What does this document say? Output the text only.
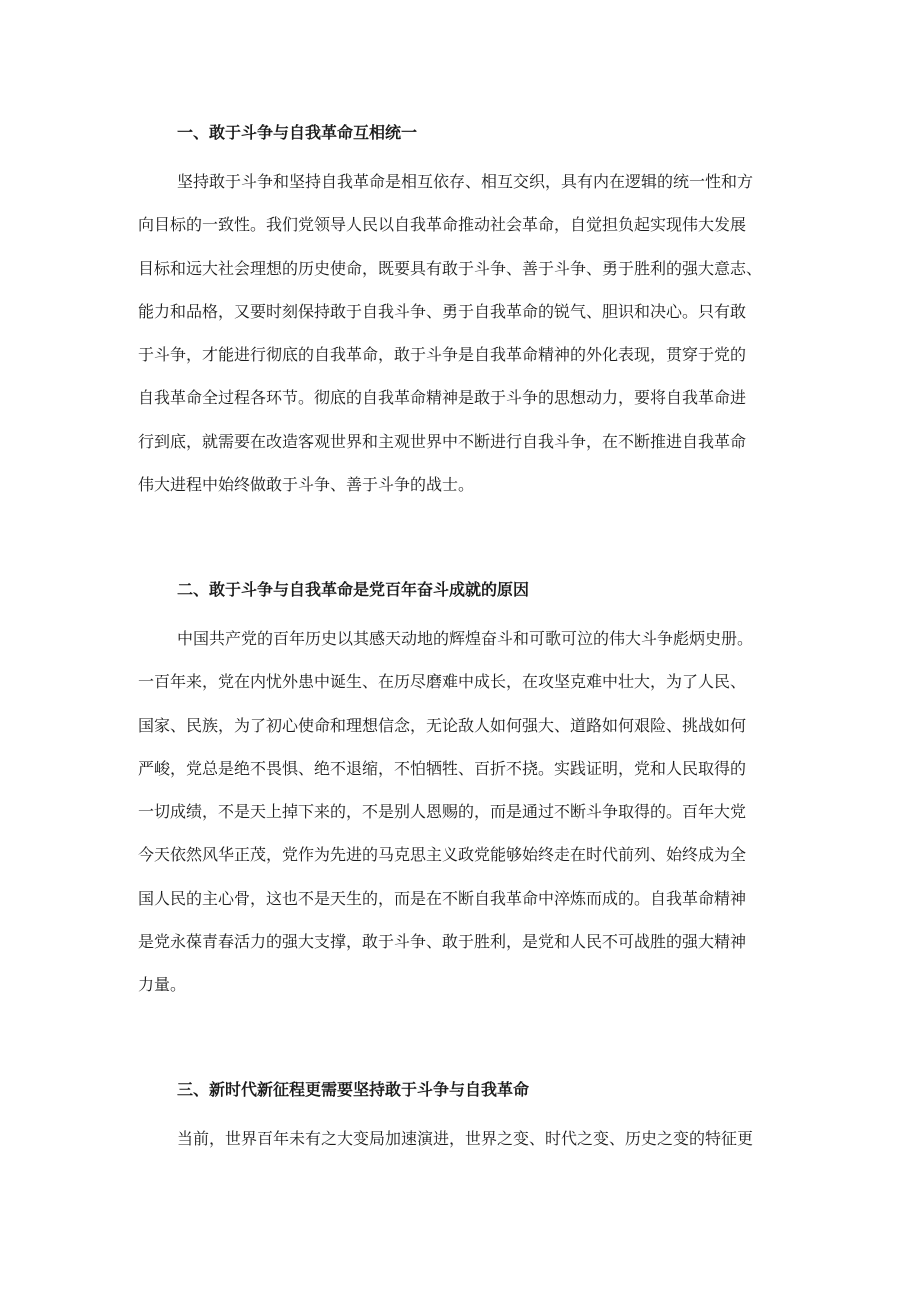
一、敢于斗争与自我革命互相统一
坚持敢于斗争和坚持自我革命是相互依存、相互交织，具有内在逻辑的统一性和方
向目标的一致性。我们党领导人民以自我革命推动社会革命，自觉担负起实现伟大发展
目标和远大社会理想的历史使命，既要具有敢于斗争、善于斗争、勇于胜利的强大意志、
能力和品格，又要时刻保持敢于自我斗争、勇于自我革命的锐气、胆识和决心。只有敢
于斗争，才能进行彻底的自我革命，敢于斗争是自我革命精神的外化表现，贯穿于党的
自我革命全过程各环节。彻底的自我革命精神是敢于斗争的思想动力，要将自我革命进
行到底，就需要在改造客观世界和主观世界中不断进行自我斗争，在不断推进自我革命
伟大进程中始终做敢于斗争、善于斗争的战士。
二、敢于斗争与自我革命是党百年奋斗成就的原因
中国共产党的百年历史以其感天动地的辉煌奋斗和可歌可泣的伟大斗争彪炳史册。
一百年来，党在内忧外患中诞生、在历尽磨难中成长，在攻坚克难中壮大，为了人民、
国家、民族，为了初心使命和理想信念，无论敌人如何强大、道路如何艰险、挑战如何
严峻，党总是绝不畏惧、绝不退缩，不怕牺牲、百折不挠。实践证明，党和人民取得的
一切成绩，不是天上掉下来的，不是别人恩赐的，而是通过不断斗争取得的。百年大党
今天依然风华正茂，党作为先进的马克思主义政党能够始终走在时代前列、始终成为全
国人民的主心骨，这也不是天生的，而是在不断自我革命中淬炼而成的。自我革命精神
是党永葆青春活力的强大支撑，敢于斗争、敢于胜利，是党和人民不可战胜的强大精神
力量。
三、新时代新征程更需要坚持敢于斗争与自我革命
当前，世界百年未有之大变局加速演进，世界之变、时代之变、历史之变的特征更
